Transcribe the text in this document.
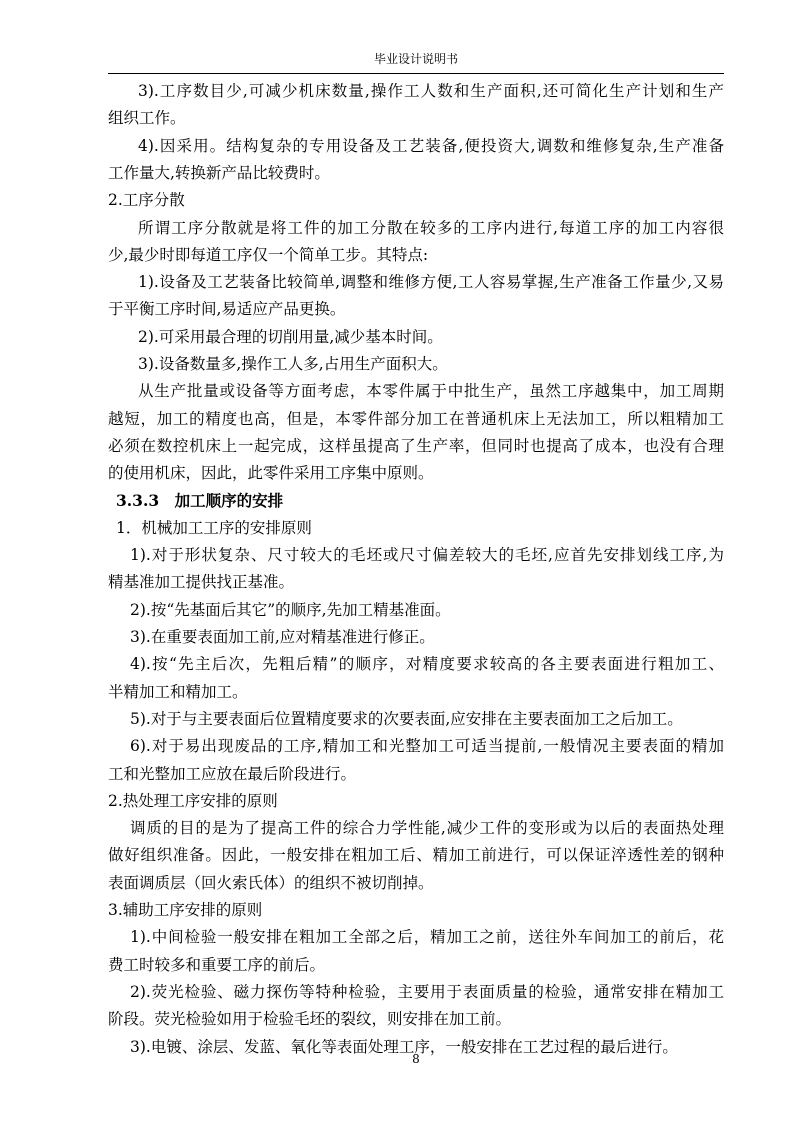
毕业设计说明书
3).工序数目少,可减少机床数量,操作工人数和生产面积,还可简化生产计划和生产
组织工作。
4).因采用。结构复杂的专用设备及工艺装备,便投资大,调数和维修复杂,生产准备
工作量大,转换新产品比较费时。
2.工序分散
所谓工序分散就是将工件的加工分散在较多的工序内进行,每道工序的加工内容很
少,最少时即每道工序仅一个简单工步。其特点:
1).设备及工艺装备比较简单,调整和维修方便,工人容易掌握,生产准备工作量少,又易
于平衡工序时间,易适应产品更换。
2).可采用最合理的切削用量,减少基本时间。
3).设备数量多,操作工人多,占用生产面积大。
从生产批量或设备等方面考虑，本零件属于中批生产，虽然工序越集中，加工周期
越短，加工的精度也高，但是，本零件部分加工在普通机床上无法加工，所以粗精加工
必须在数控机床上一起完成，这样虽提高了生产率，但同时也提高了成本，也没有合理
的使用机床，因此，此零件采用工序集中原则。
3.3.3　加工顺序的安排
1．机械加工工序的安排原则
1).对于形状复杂、尺寸较大的毛坯或尺寸偏差较大的毛坯,应首先安排划线工序,为
精基准加工提供找正基准。
2).按“先基面后其它”的顺序,先加工精基准面。
3).在重要表面加工前,应对精基准进行修正。
4).按“先主后次，先粗后精”的顺序，对精度要求较高的各主要表面进行粗加工、
半精加工和精加工。
5).对于与主要表面后位置精度要求的次要表面,应安排在主要表面加工之后加工。
6).对于易出现废品的工序,精加工和光整加工可适当提前,一般情况主要表面的精加
工和光整加工应放在最后阶段进行。
2.热处理工序安排的原则
调质的目的是为了提高工件的综合力学性能,减少工件的变形或为以后的表面热处理
做好组织准备。因此，一般安排在粗加工后、精加工前进行，可以保证淬透性差的钢种
表面调质层（回火索氏体）的组织不被切削掉。
3.辅助工序安排的原则
1).中间检验一般安排在粗加工全部之后，精加工之前，送往外车间加工的前后，花
费工时较多和重要工序的前后。
2).荧光检验、磁力探伤等特种检验，主要用于表面质量的检验，通常安排在精加工
阶段。荧光检验如用于检验毛坯的裂纹，则安排在加工前。
3).电镀、涂层、发蓝、氧化等表面处理工序，一般安排在工艺过程的最后进行。
8
